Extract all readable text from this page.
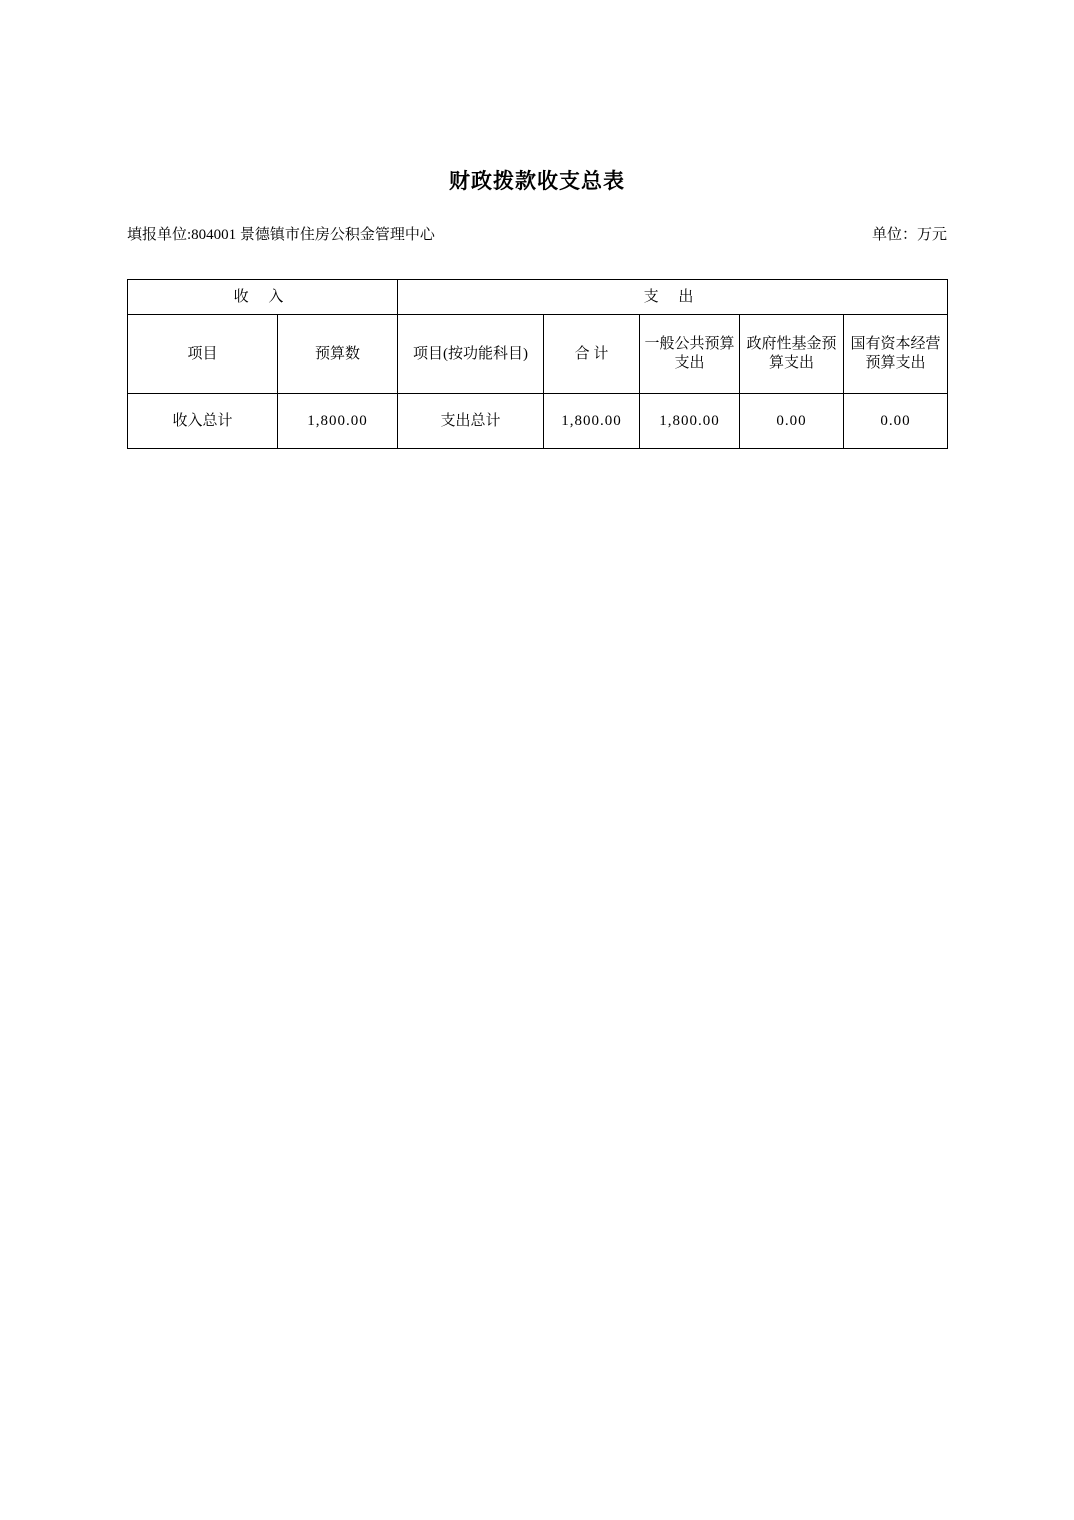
财政拨款收支总表
填报单位:804001 景德镇市住房公积金管理中心	单位：万元
收 入		支 出				
项目	预算数	项目(按功能科目)	合 计	一般公共预算支出	政府性基金预算支出	国有资本经营预算支出
收入总计	1,800.00	支出总计	1,800.00	1,800.00	0.00	0.00
